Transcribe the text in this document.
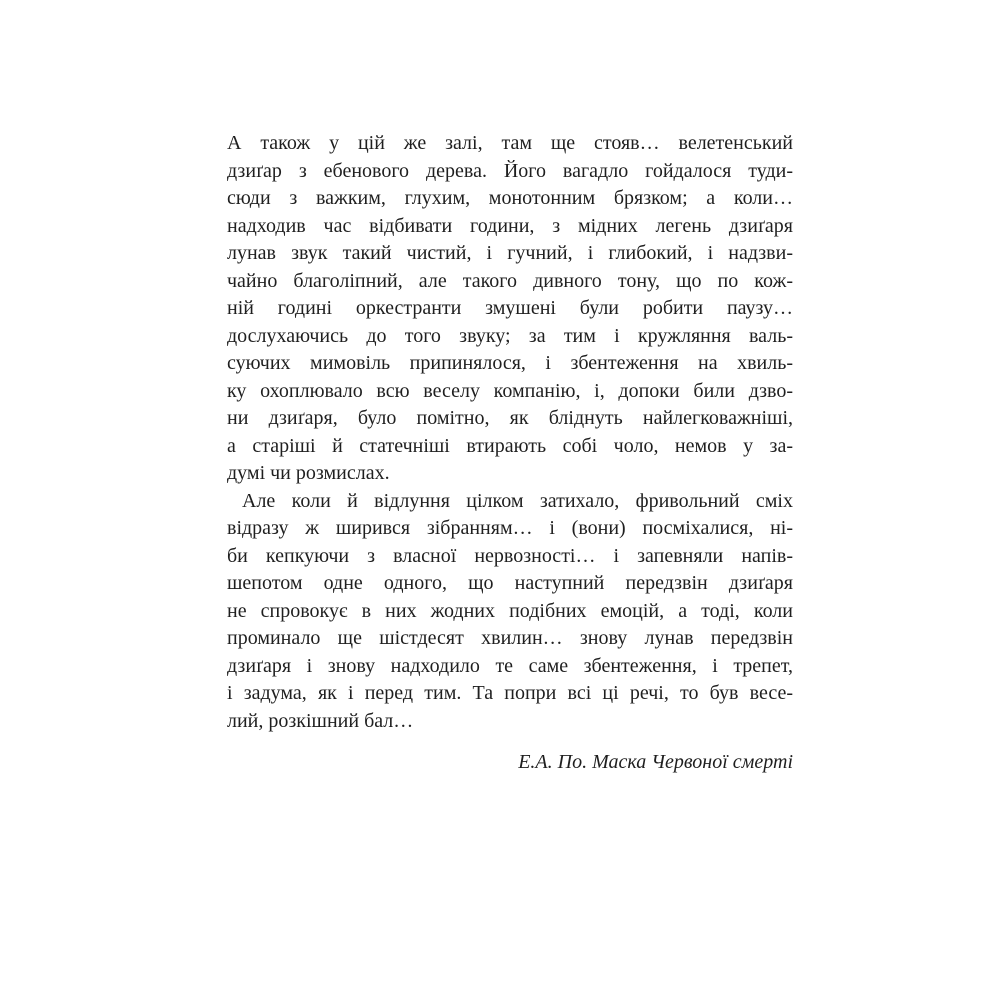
А також у цій же залі, там ще стояв… велетенський
дзиґар з ебенового дерева. Його вагадло гойдалося туди-
сюди з важким, глухим, монотонним брязком; а коли…
надходив час відбивати години, з мідних легень дзиґаря
лунав звук такий чистий, і гучний, і глибокий, і надзви-
чайно благоліпний, але такого дивного тону, що по кож-
ній годині оркестранти змушені були робити паузу…
дослухаючись до того звуку; за тим і кружляння валь-
суючих мимовіль припинялося, і збентеження на хвиль-
ку охоплювало всю веселу компанію, і, допоки били дзво-
ни дзиґаря, було помітно, як бліднуть найлегковажніші,
а старіші й статечніші втирають собі чоло, немов у за-
думі чи розмислах.
Але коли й відлуння цілком затихало, фривольний сміх
відразу ж ширився зібранням… і (вони) посміхалися, ні-
би кепкуючи з власної нервозності… і запевняли напів-
шепотом одне одного, що наступний передзвін дзиґаря
не спровокує в них жодних подібних емоцій, а тоді, коли
проминало ще шістдесят хвилин… знову лунав передзвін
дзиґаря і знову надходило те саме збентеження, і трепет,
і задума, як і перед тим. Та попри всі ці речі, то був весе-
лий, розкішний бал…
Е.А. По. Маска Червоної смерті
